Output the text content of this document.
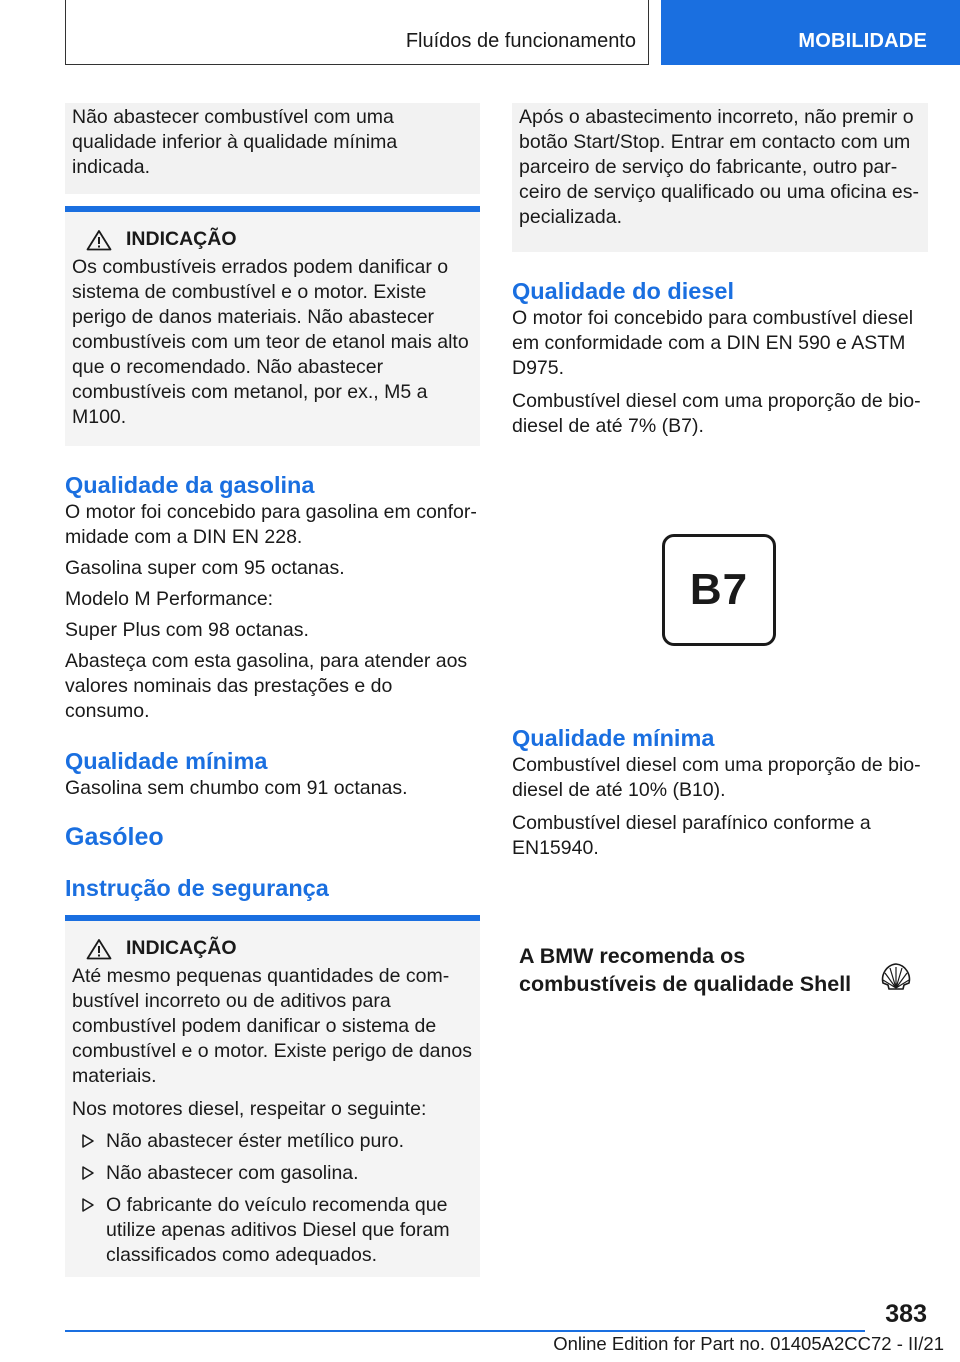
Fluídos de funcionamento	MOBILIDADE
Não abastecer combustível com uma qualidade inferior à qualidade mínima indicada.
INDICAÇÃO
Os combustíveis errados podem danificar o sistema de combustível e o motor. Existe perigo de danos materiais. Não abastecer combustíveis com um teor de etanol mais alto que o recomendado. Não abastecer combustíveis com metanol, por ex., M5 a M100.
Qualidade da gasolina
O motor foi concebido para gasolina em conformidade com a DIN EN 228.
Gasolina super com 95 octanas.
Modelo M Performance:
Super Plus com 98 octanas.
Abasteça com esta gasolina, para atender aos valores nominais das prestações e do consumo.
Qualidade mínima
Gasolina sem chumbo com 91 octanas.
Gasóleo
Instrução de segurança
INDICAÇÃO
Até mesmo pequenas quantidades de combustível incorreto ou de aditivos para combustível podem danificar o sistema de combustível e o motor. Existe perigo de danos materiais.
Nos motores diesel, respeitar o seguinte:
Não abastecer éster metílico puro.
Não abastecer com gasolina.
O fabricante do veículo recomenda que utilize apenas aditivos Diesel que foram classificados como adequados.
Após o abastecimento incorreto, não premir o botão Start/Stop. Entrar em contacto com um parceiro de serviço do fabricante, outro parceiro de serviço qualificado ou uma oficina especializada.
Qualidade do diesel
O motor foi concebido para combustível diesel em conformidade com a DIN EN 590 e ASTM D975.
Combustível diesel com uma proporção de biodiesel de até 7% (B7).
B7
Qualidade mínima
Combustível diesel com uma proporção de biodiesel de até 10% (B10).
Combustível diesel parafínico conforme a EN15940.
A BMW recomenda os
combustíveis de qualidade Shell
383
Online Edition for Part no. 01405A2CC72 - II/21
